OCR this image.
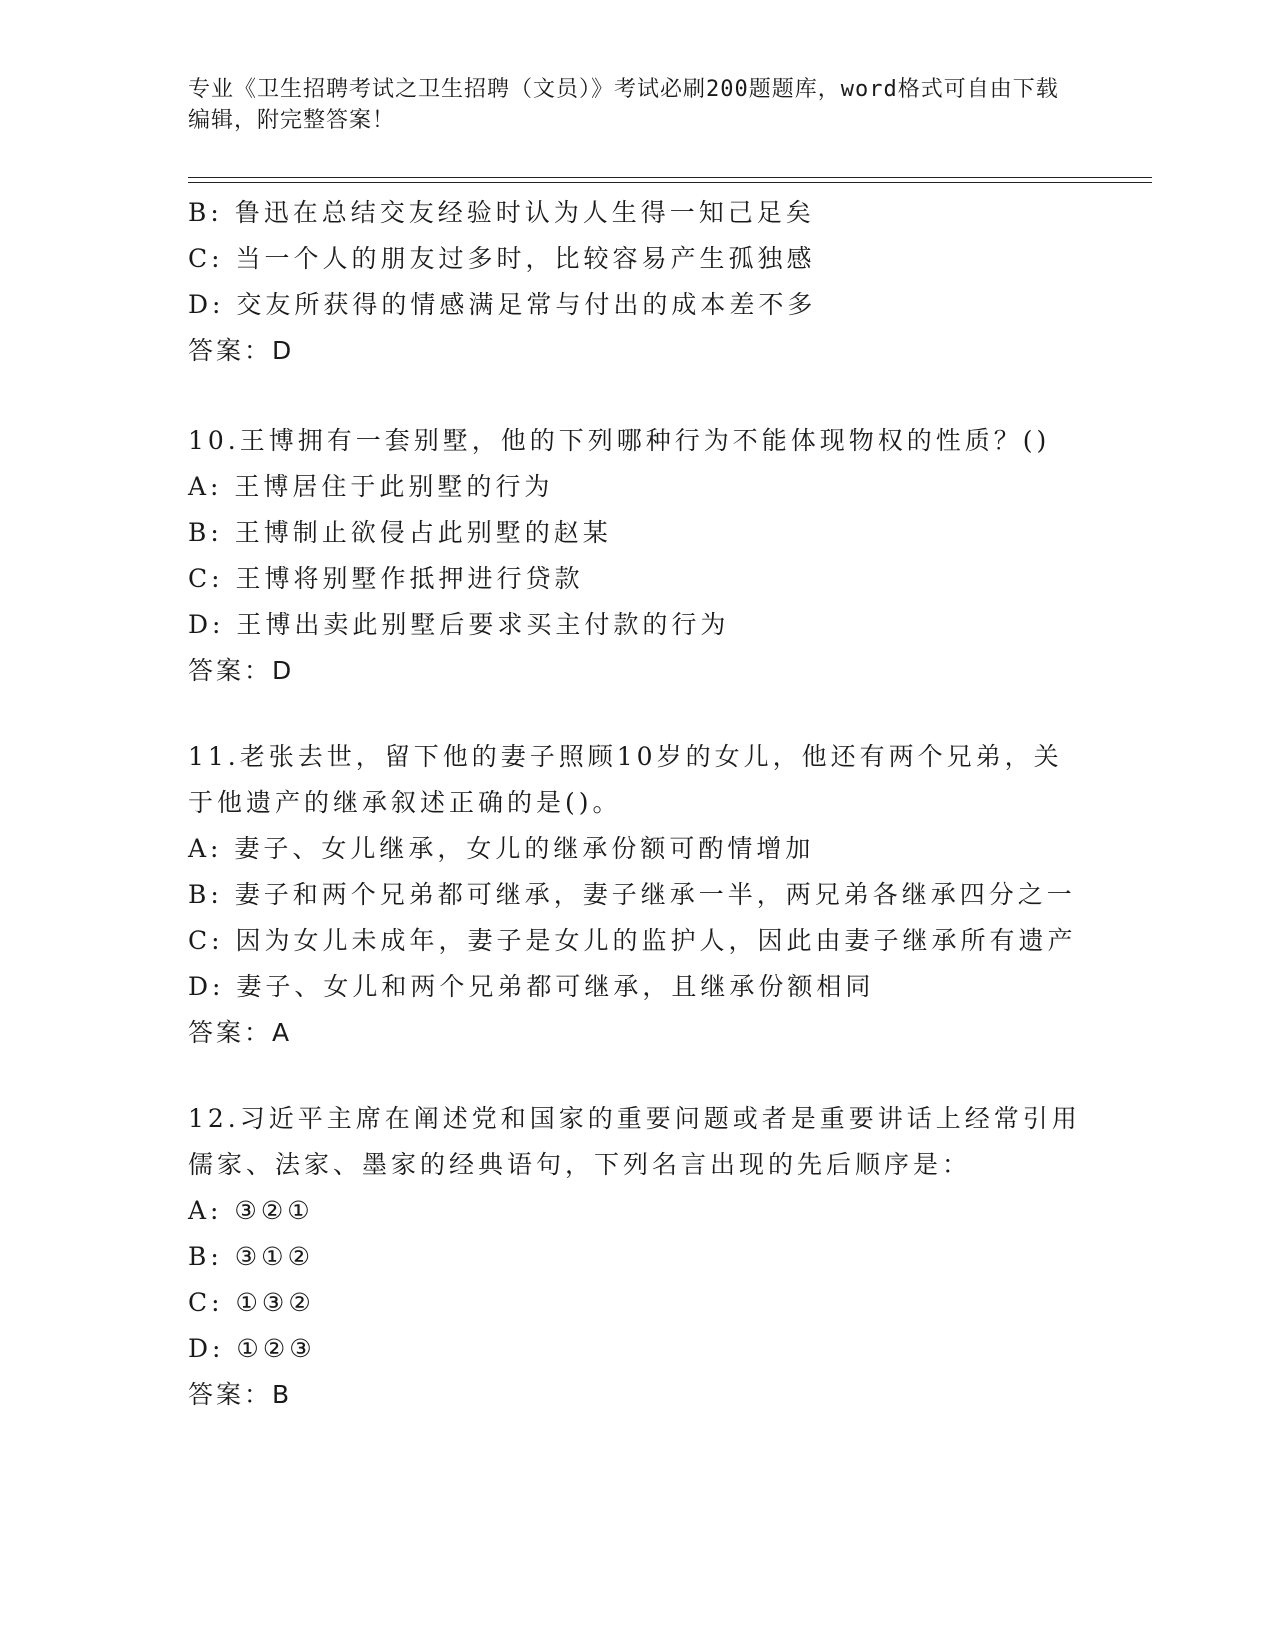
专业《卫生招聘考试之卫生招聘（文员）》考试必刷200题题库，word格式可自由下载编辑，附完整答案！
B: 鲁迅在总结交友经验时认为人生得一知己足矣
C: 当一个人的朋友过多时，比较容易产生孤独感
D: 交友所获得的情感满足常与付出的成本差不多
答案：D
10.王博拥有一套别墅，他的下列哪种行为不能体现物权的性质？()
A: 王博居住于此别墅的行为
B: 王博制止欲侵占此别墅的赵某
C: 王博将别墅作抵押进行贷款
D: 王博出卖此别墅后要求买主付款的行为
答案：D
11.老张去世，留下他的妻子照顾10岁的女儿，他还有两个兄弟，关于他遗产的继承叙述正确的是()。
A: 妻子、女儿继承，女儿的继承份额可酌情增加
B: 妻子和两个兄弟都可继承，妻子继承一半，两兄弟各继承四分之一
C: 因为女儿未成年，妻子是女儿的监护人，因此由妻子继承所有遗产
D: 妻子、女儿和两个兄弟都可继承，且继承份额相同
答案：A
12.习近平主席在阐述党和国家的重要问题或者是重要讲话上经常引用儒家、法家、墨家的经典语句，下列名言出现的先后顺序是：
A: ③②①
B: ③①②
C: ①③②
D: ①②③
答案：B
